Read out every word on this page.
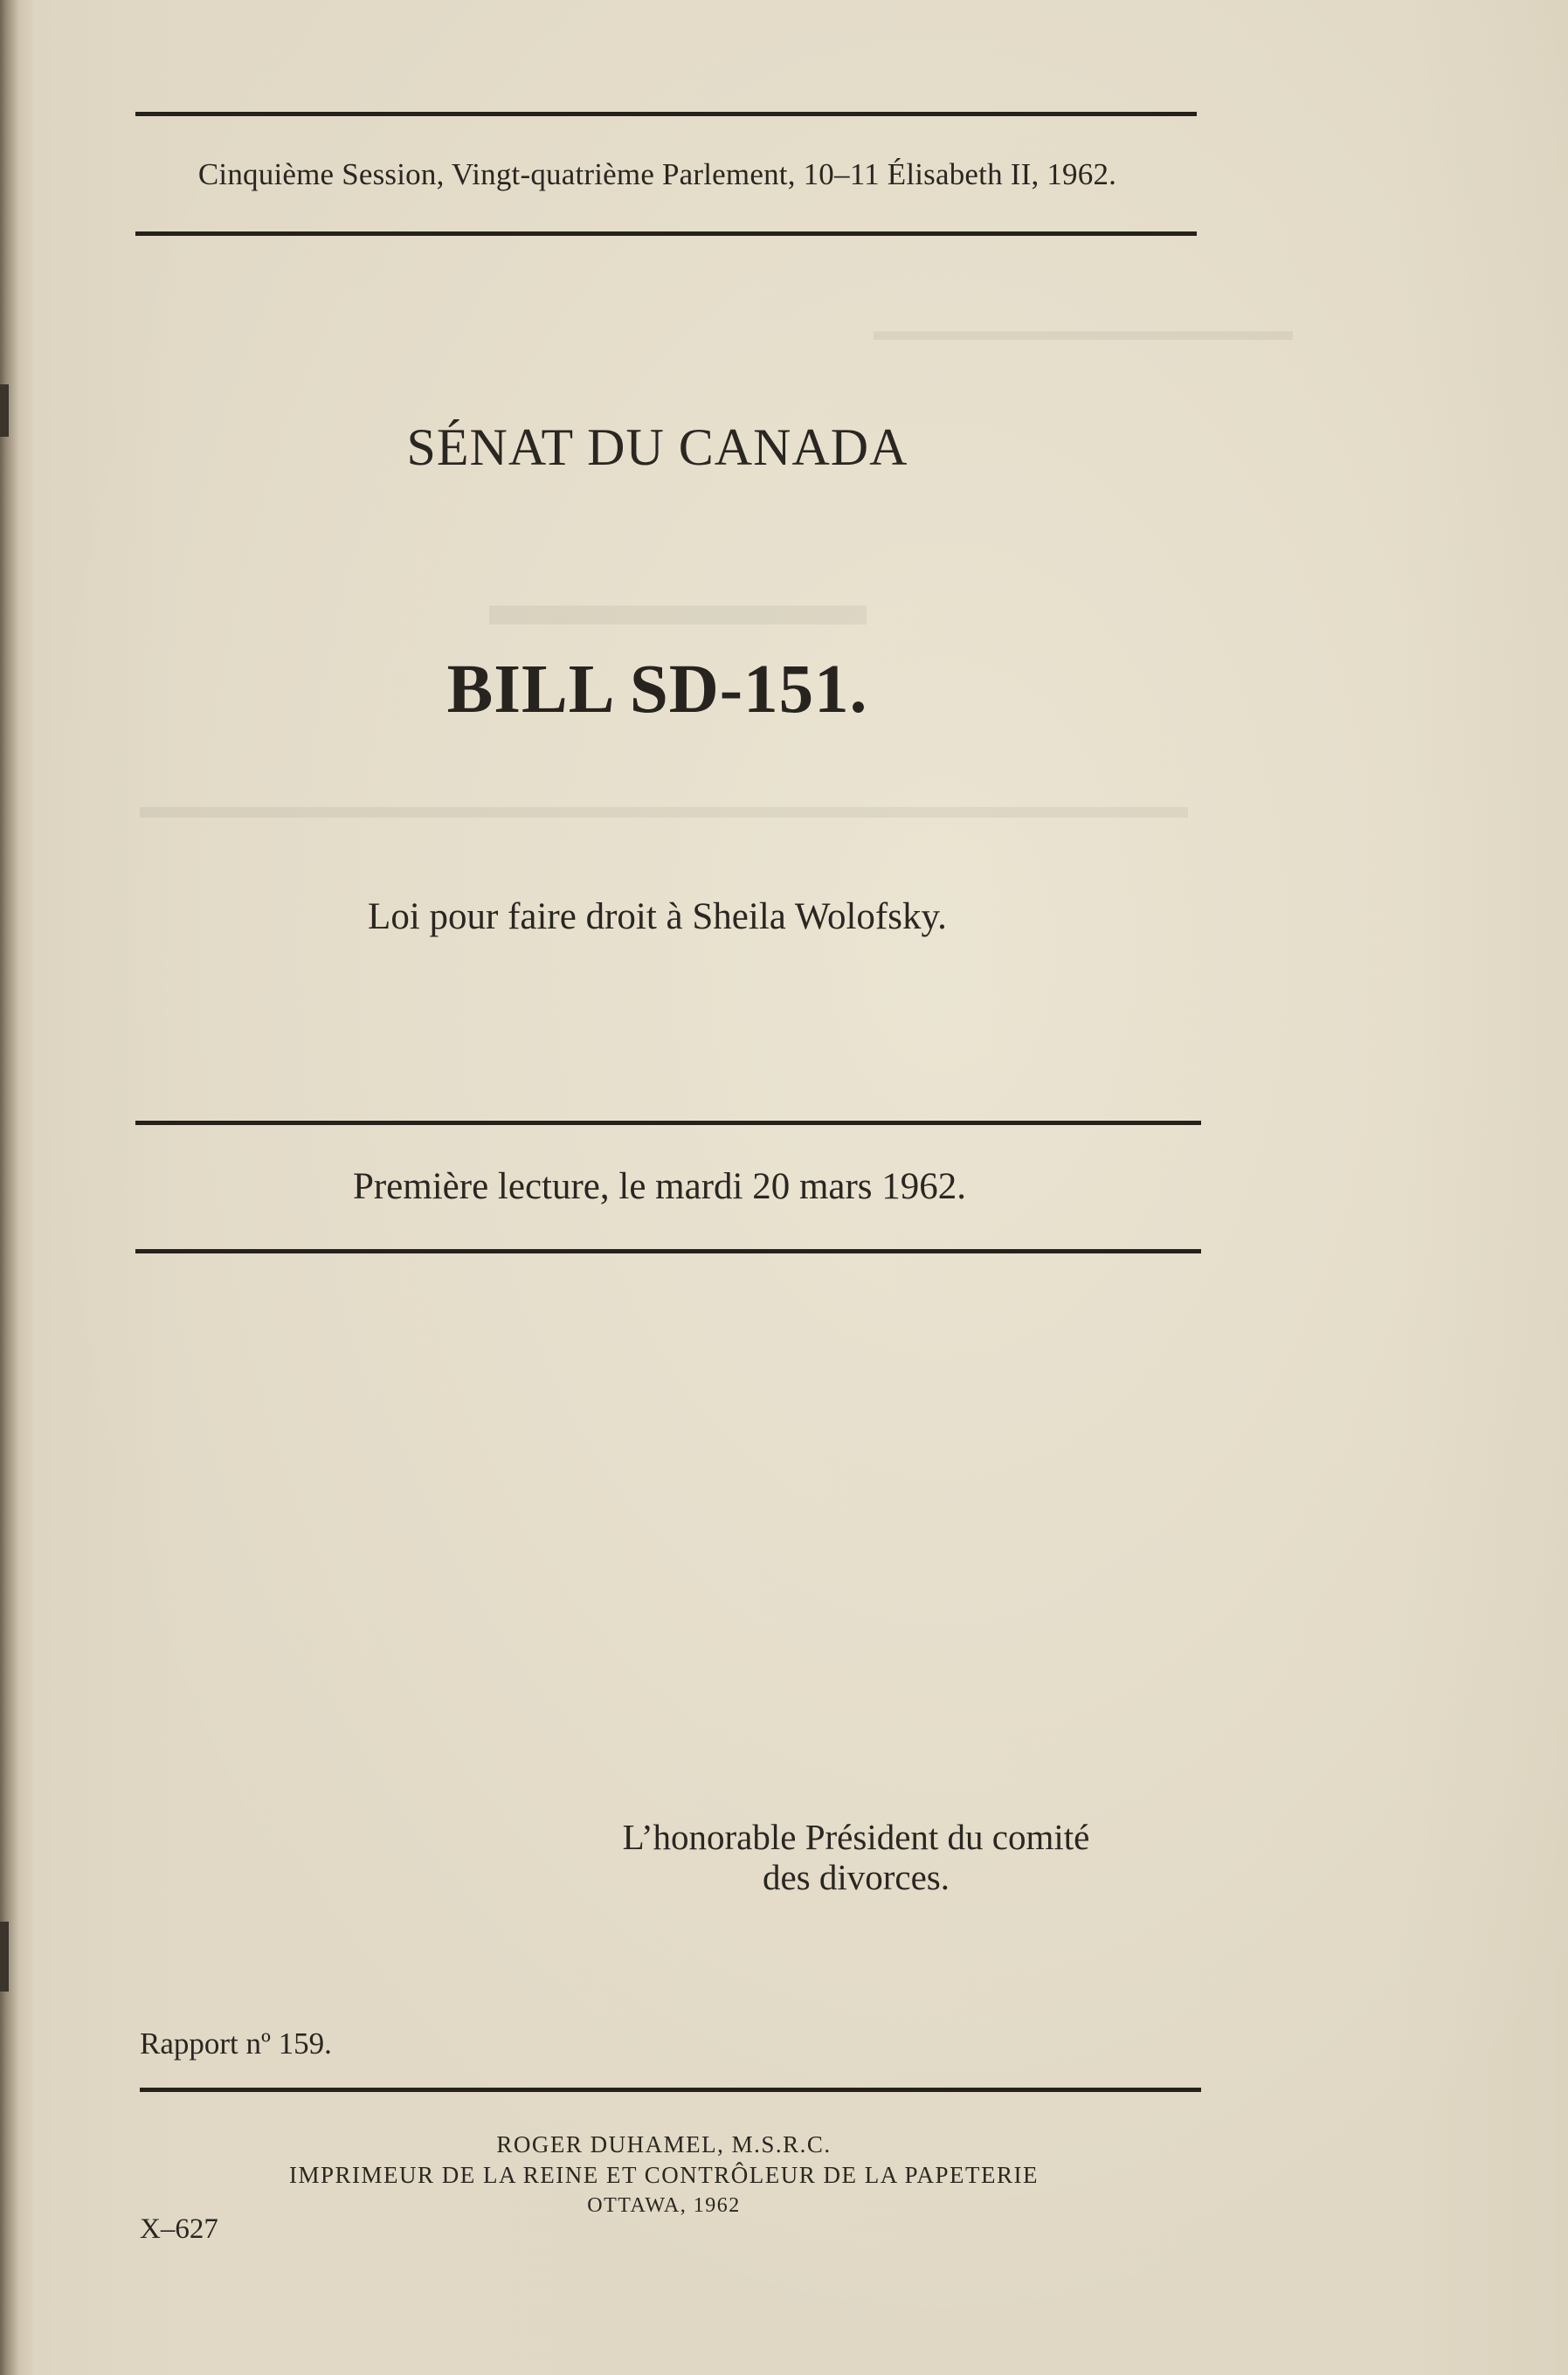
▬▬▬▬▬▬▬▬▬▬▬▬▬▬▬
▬▬▬▬▬▬
▬▬▬▬▬▬▬▬▬▬▬▬▬▬▬▬▬▬▬▬▬▬▬▬▬▬▬▬▬▬
Cinquième Session, Vingt-quatrième Parlement, 10–11 Élisabeth II, 1962.
SÉNAT DU CANADA
BILL SD-151.
Loi pour faire droit à Sheila Wolofsky.
Première lecture, le mardi 20 mars 1962.
L’honorable Président du comité
des divorces.
Rapport nº 159.
ROGER DUHAMEL, M.S.R.C.
IMPRIMEUR DE LA REINE ET CONTRÔLEUR DE LA PAPETERIE
OTTAWA, 1962
X–627
